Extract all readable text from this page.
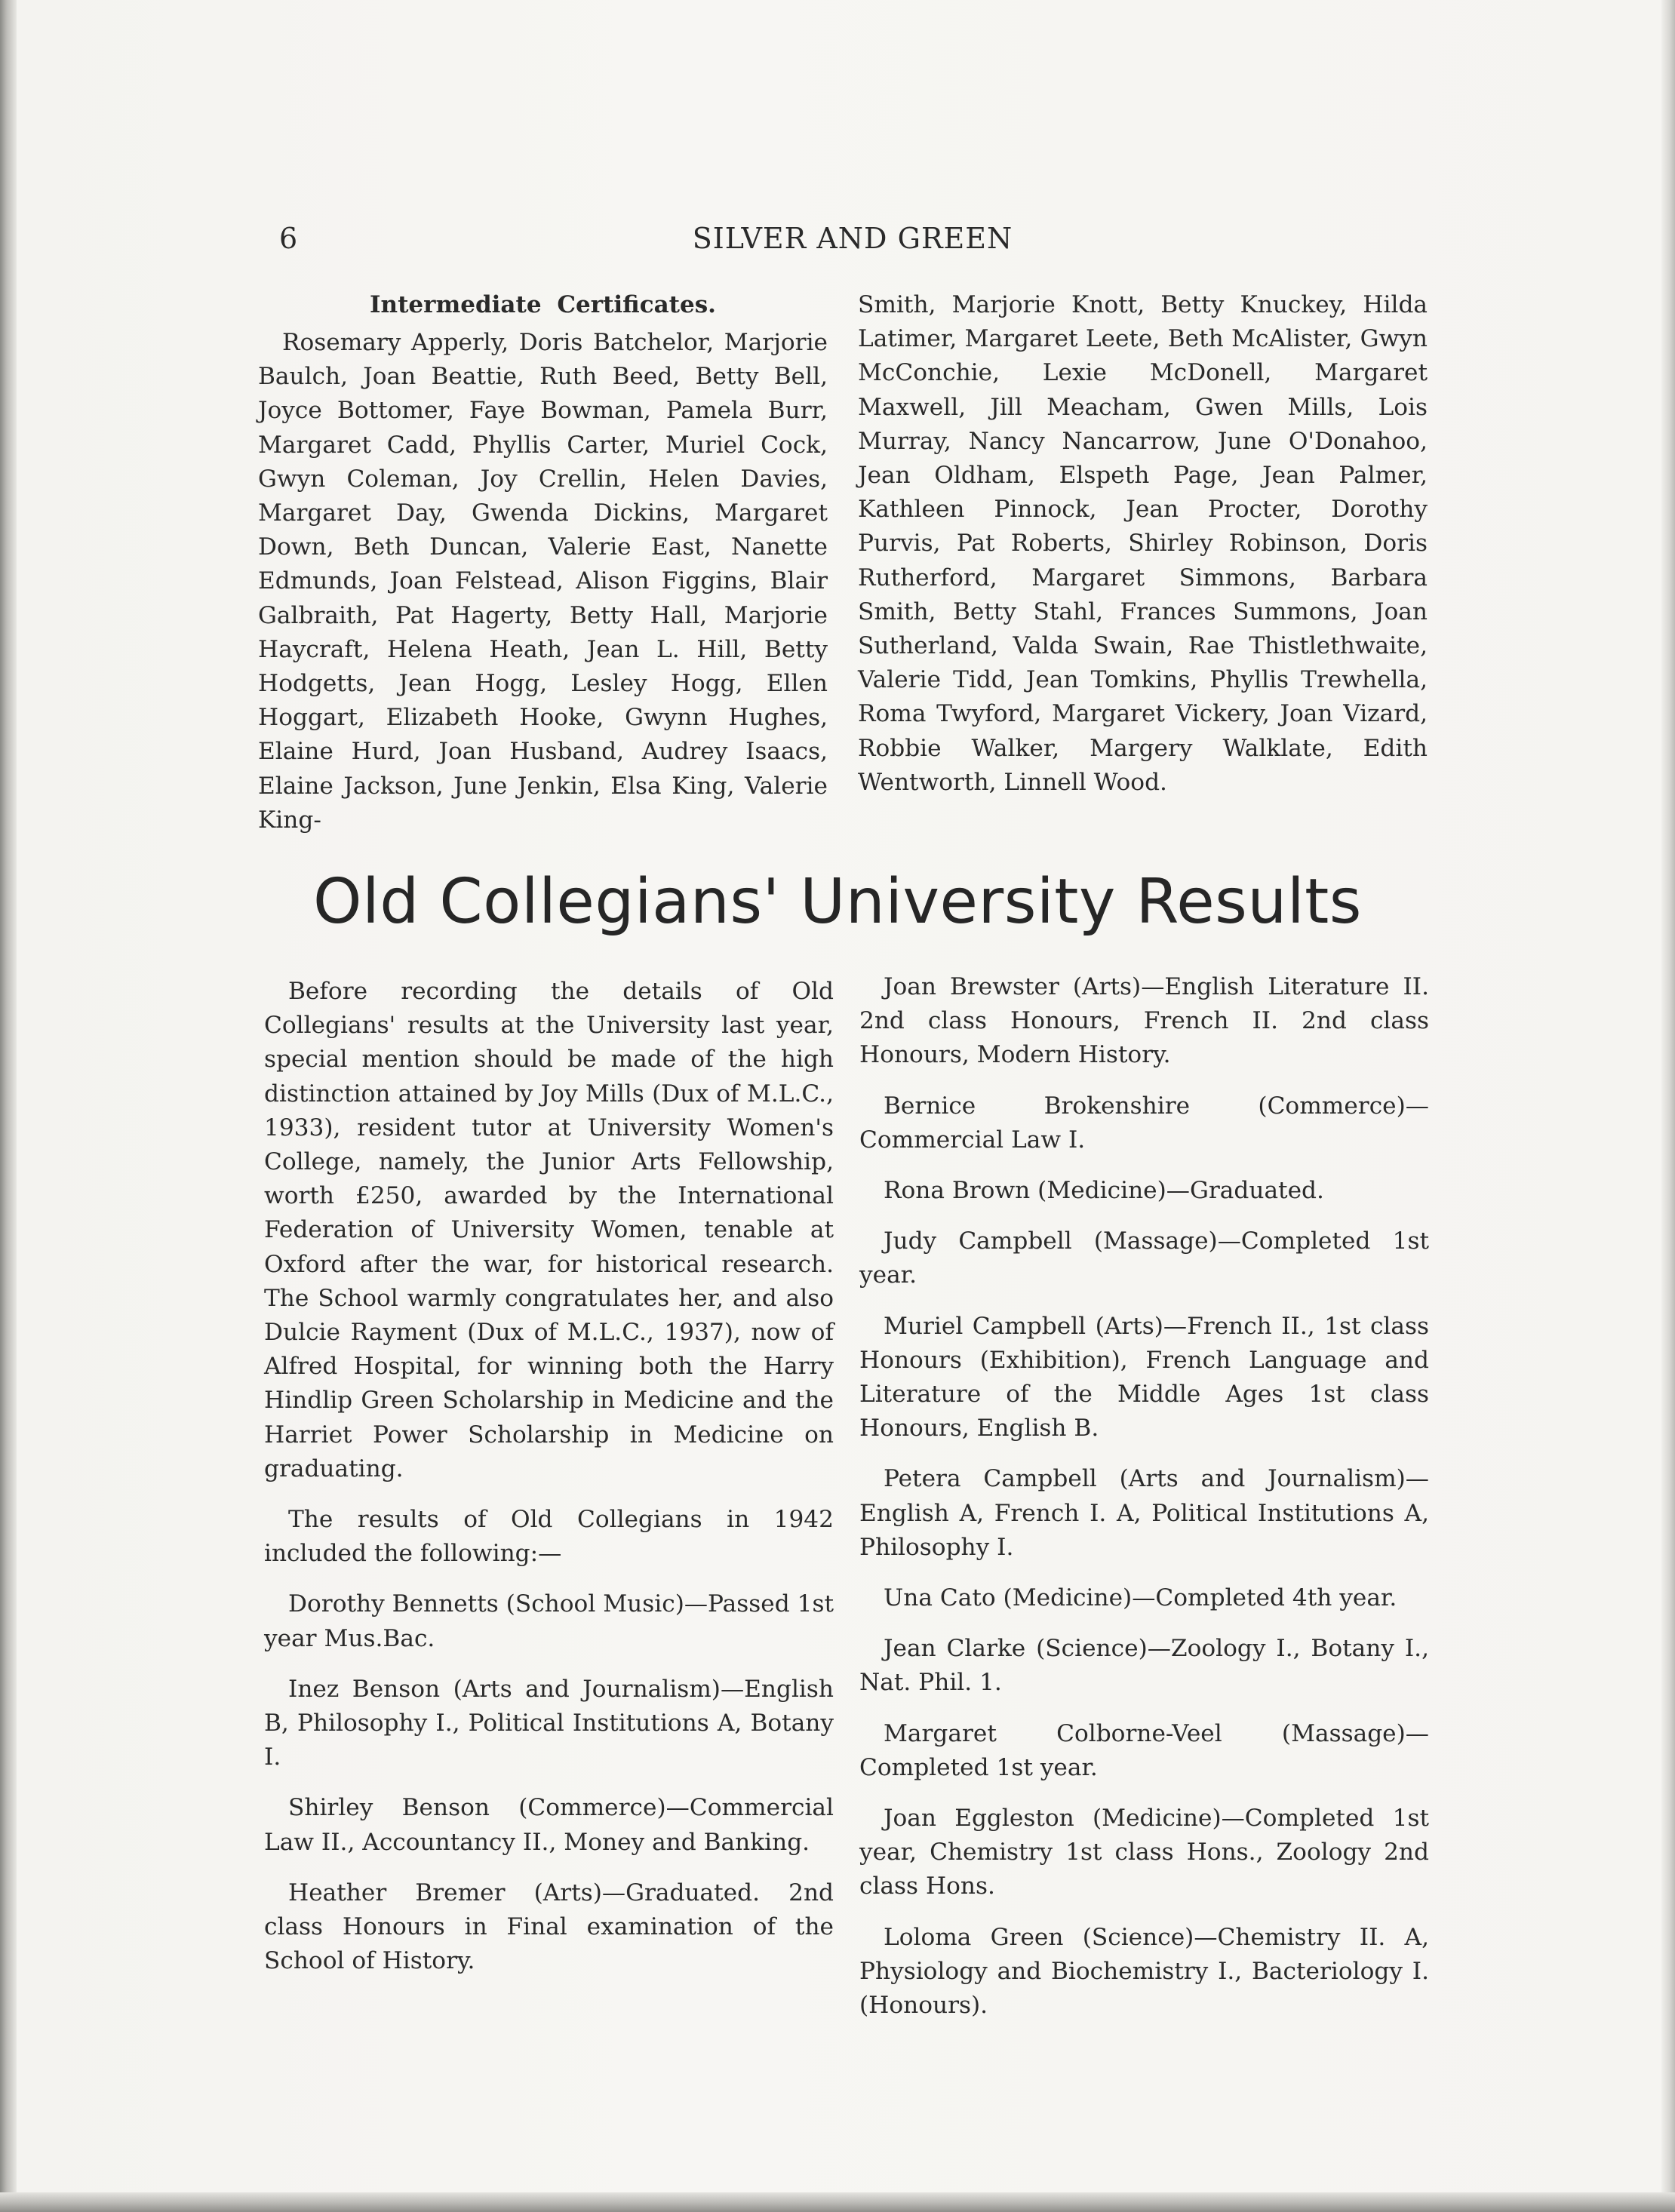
SILVER AND GREEN
6
Intermediate Certificates.

Rosemary Apperly, Doris Batchelor, Marjorie Baulch, Joan Beattie, Ruth Beed, Betty Bell, Joyce Bottomer, Faye Bowman, Pamela Burr, Margaret Cadd, Phyllis Carter, Muriel Cock, Gwyn Coleman, Joy Crellin, Helen Davies, Margaret Day, Gwenda Dickins, Margaret Down, Beth Duncan, Valerie East, Nanette Edmunds, Joan Felstead, Alison Figgins, Blair Galbraith, Pat Hagerty, Betty Hall, Marjorie Haycraft, Helena Heath, Jean L. Hill, Betty Hodgetts, Jean Hogg, Lesley Hogg, Ellen Hoggart, Elizabeth Hooke, Gwynn Hughes, Elaine Hurd, Joan Husband, Audrey Isaacs, Elaine Jackson, June Jenkin, Elsa King, Valerie King-

Smith, Marjorie Knott, Betty Knuckey, Hilda Latimer, Margaret Leete, Beth McAlister, Gwyn McConchie, Lexie McDonell, Margaret Maxwell, Jill Meacham, Gwen Mills, Lois Murray, Nancy Nancarrow, June O'Donahoo, Jean Oldham, Elspeth Page, Jean Palmer, Kathleen Pinnock, Jean Procter, Dorothy Purvis, Pat Roberts, Shirley Robinson, Doris Rutherford, Margaret Simmons, Barbara Smith, Betty Stahl, Frances Summons, Joan Sutherland, Valda Swain, Rae Thistlethwaite, Valerie Tidd, Jean Tomkins, Phyllis Trewhella, Roma Twyford, Margaret Vickery, Joan Vizard, Robbie Walker, Margery Walklate, Edith Wentworth, Linnell Wood.

Old Collegians' University Results

Before recording the details of Old Collegians' results at the University last year, special mention should be made of the high distinction attained by Joy Mills (Dux of M.L.C., 1933), resident tutor at University Women's College, namely, the Junior Arts Fellowship, worth £250, awarded by the International Federation of University Women, tenable at Oxford after the war, for historical research. The School warmly congratulates her, and also Dulcie Rayment (Dux of M.L.C., 1937), now of Alfred Hospital, for winning both the Harry Hindlip Green Scholarship in Medicine and the Harriet Power Scholarship in Medicine on graduating.

The results of Old Collegians in 1942 included the following:—

Dorothy Bennetts (School Music)—Passed 1st year Mus.Bac.

Inez Benson (Arts and Journalism)—English B, Philosophy I., Political Institutions A, Botany I.

Shirley Benson (Commerce)—Commercial Law II., Accountancy II., Money and Banking.

Heather Bremer (Arts)—Graduated. 2nd class Honours in Final examination of the School of History.

Joan Brewster (Arts)—English Literature II. 2nd class Honours, French II. 2nd class Honours, Modern History.

Bernice Brokenshire (Commerce)—Commercial Law I.

Rona Brown (Medicine)—Graduated.

Judy Campbell (Massage)—Completed 1st year.

Muriel Campbell (Arts)—French II., 1st class Honours (Exhibition), French Language and Literature of the Middle Ages 1st class Honours, English B.

Petera Campbell (Arts and Journalism)—English A, French I. A, Political Institutions A, Philosophy I.

Una Cato (Medicine)—Completed 4th year.

Jean Clarke (Science)—Zoology I., Botany I., Nat. Phil. 1.

Margaret Colborne-Veel (Massage)—Completed 1st year.

Joan Eggleston (Medicine)—Completed 1st year, Chemistry 1st class Hons., Zoology 2nd class Hons.

Loloma Green (Science)—Chemistry II. A, Physiology and Biochemistry I., Bacteriology I. (Honours).
